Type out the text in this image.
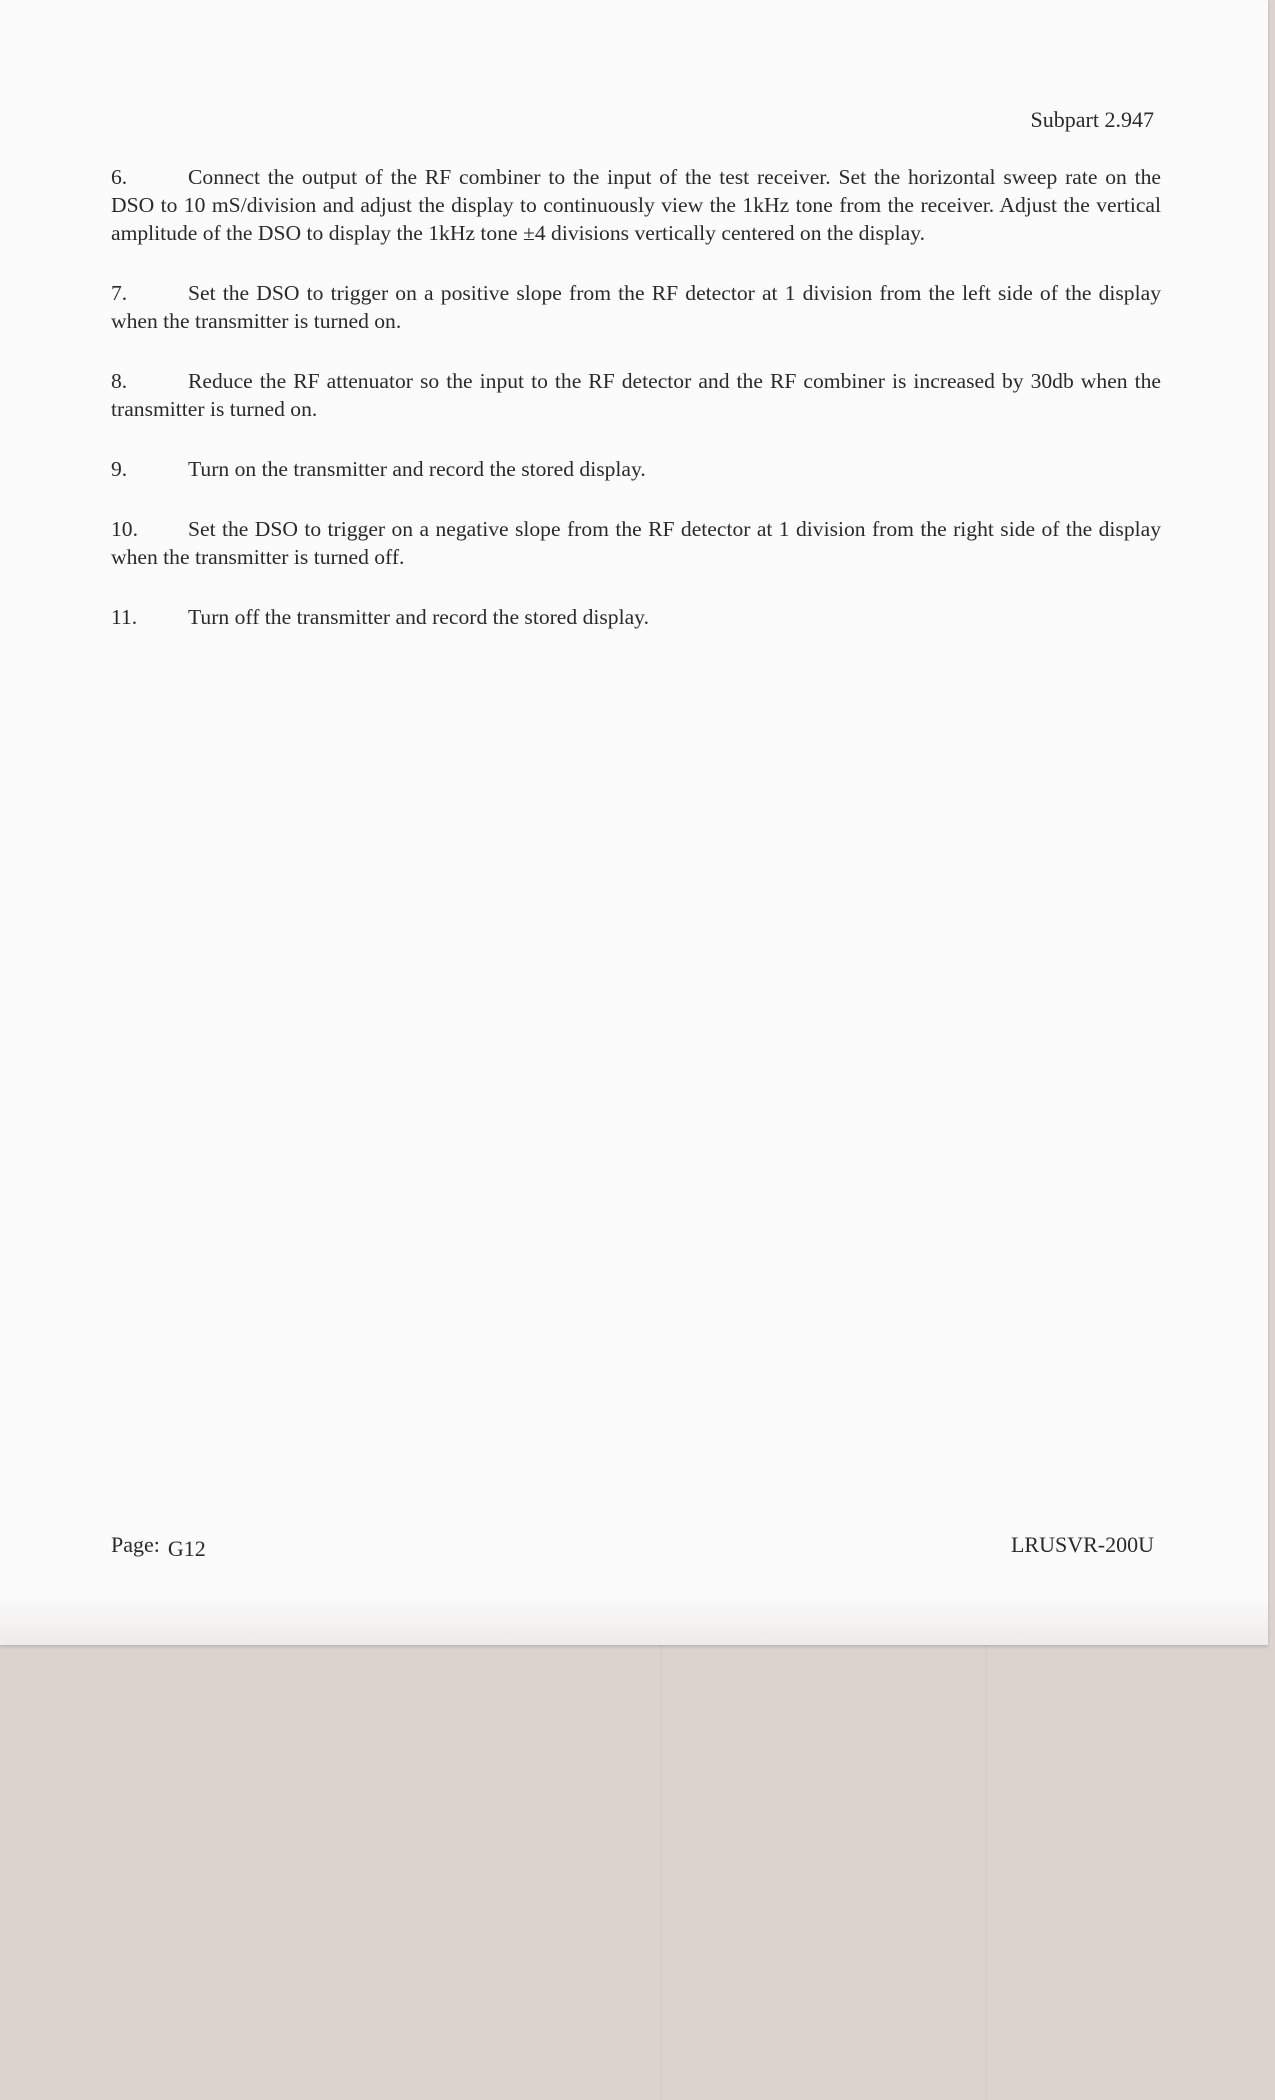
Subpart 2.947

6.	Connect the output of the RF combiner to the input of the test receiver. Set the horizontal sweep rate on the DSO to 10 mS/division and adjust the display to continuously view the 1kHz tone from the receiver. Adjust the vertical amplitude of the DSO to display the 1kHz tone ±4 divisions vertically centered on the display.

7.	Set the DSO to trigger on a positive slope from the RF detector at 1 division from the left side of the display when the transmitter is turned on.

8.	Reduce the RF attenuator so the input to the RF detector and the RF combiner is increased by 30db when the transmitter is turned on.

9.	Turn on the transmitter and record the stored display.

10. Set the DSO to trigger on a negative slope from the RF detector at 1 division from the right side of the display when the transmitter is turned off.

11. Turn off the transmitter and record the stored display.

Page: G12	LRUSVR-200U
